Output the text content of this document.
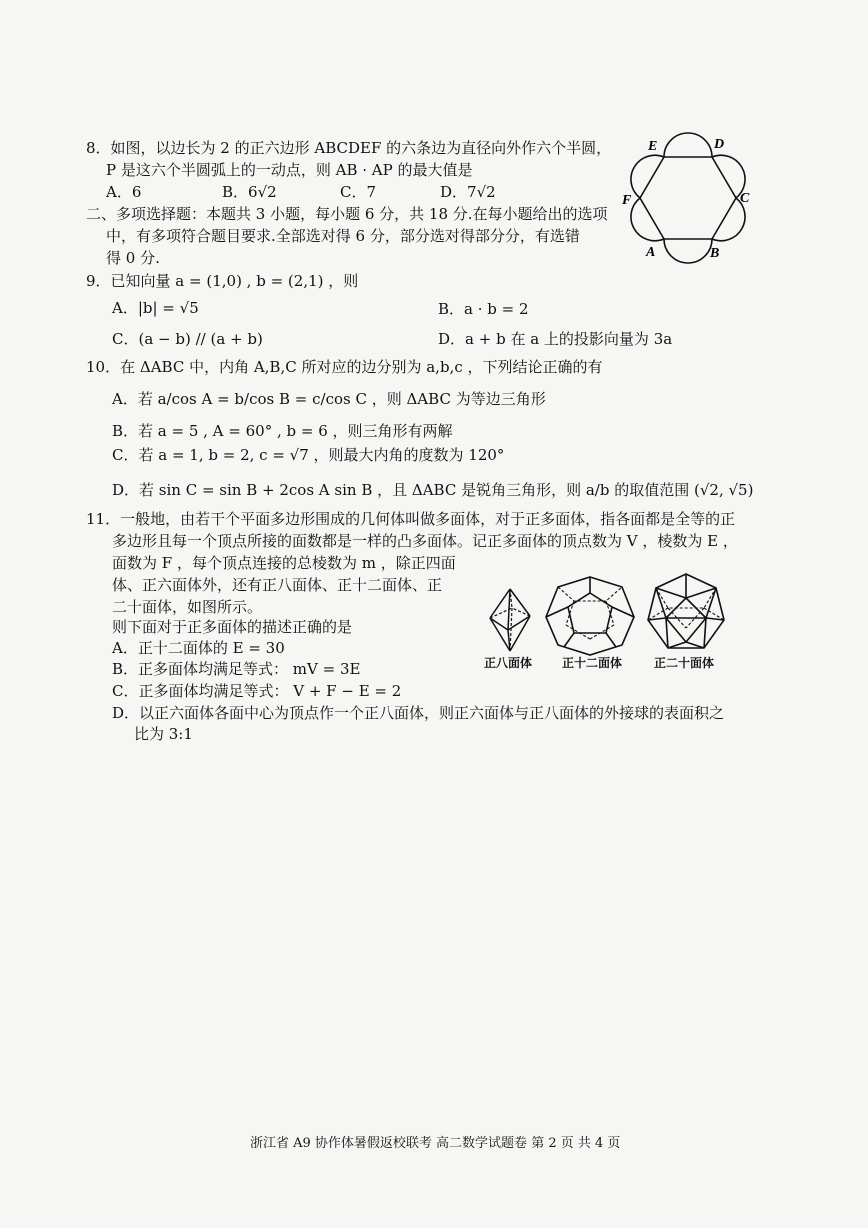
8．如图，以边长为 2 的正六边形 ABCDEF 的六条边为直径向外作六个半圆，
P 是这六个半圆弧上的一动点，则 AB · AP 的最大值是
A．6	B．6√2	C．7	D．7√2
E	D
F	C
A	B
二、多项选择题：本题共 3 小题，每小题 6 分，共 18 分.在每小题给出的选项
中，有多项符合题目要求.全部选对得 6 分，部分选对得部分分，有选错
得 0 分.
9．已知向量 a = (1,0) , b = (2,1) ，则
A．|b| = √5	B．a · b = 2
C．(a − b) // (a + b)	D．a + b 在 a 上的投影向量为 3a
10．在 ΔABC 中，内角 A,B,C 所对应的边分别为 a,b,c ，下列结论正确的有
A．若 a/cos A = b/cos B = c/cos C ，则 ΔABC 为等边三角形
B．若 a = 5 , A = 60° , b = 6 ，则三角形有两解
C．若 a = 1, b = 2, c = √7 ，则最大内角的度数为 120°
D．若 sin C = sin B + 2cos A sin B ，且 ΔABC 是锐角三角形，则 a/b 的取值范围 (√2, √5)
11．一般地，由若干个平面多边形围成的几何体叫做多面体，对于正多面体，指各面都是全等的正
多边形且每一个顶点所接的面数都是一样的凸多面体。记正多面体的顶点数为 V ，棱数为 E ，
面数为 F ，每个顶点连接的总棱数为 m ，除正四面
体、正六面体外，还有正八面体、正十二面体、正
二十面体，如图所示。
则下面对于正多面体的描述正确的是
A．正十二面体的 E = 30
B．正多面体均满足等式： mV = 3E
C．正多面体均满足等式： V + F − E = 2
D．以正六面体各面中心为顶点作一个正八面体，则正六面体与正八面体的外接球的表面积之
比为 3:1
正八面体 正十二面体	正二十面体
浙江省 A9 协作体暑假返校联考 高二数学试题卷 第 2 页 共 4 页
